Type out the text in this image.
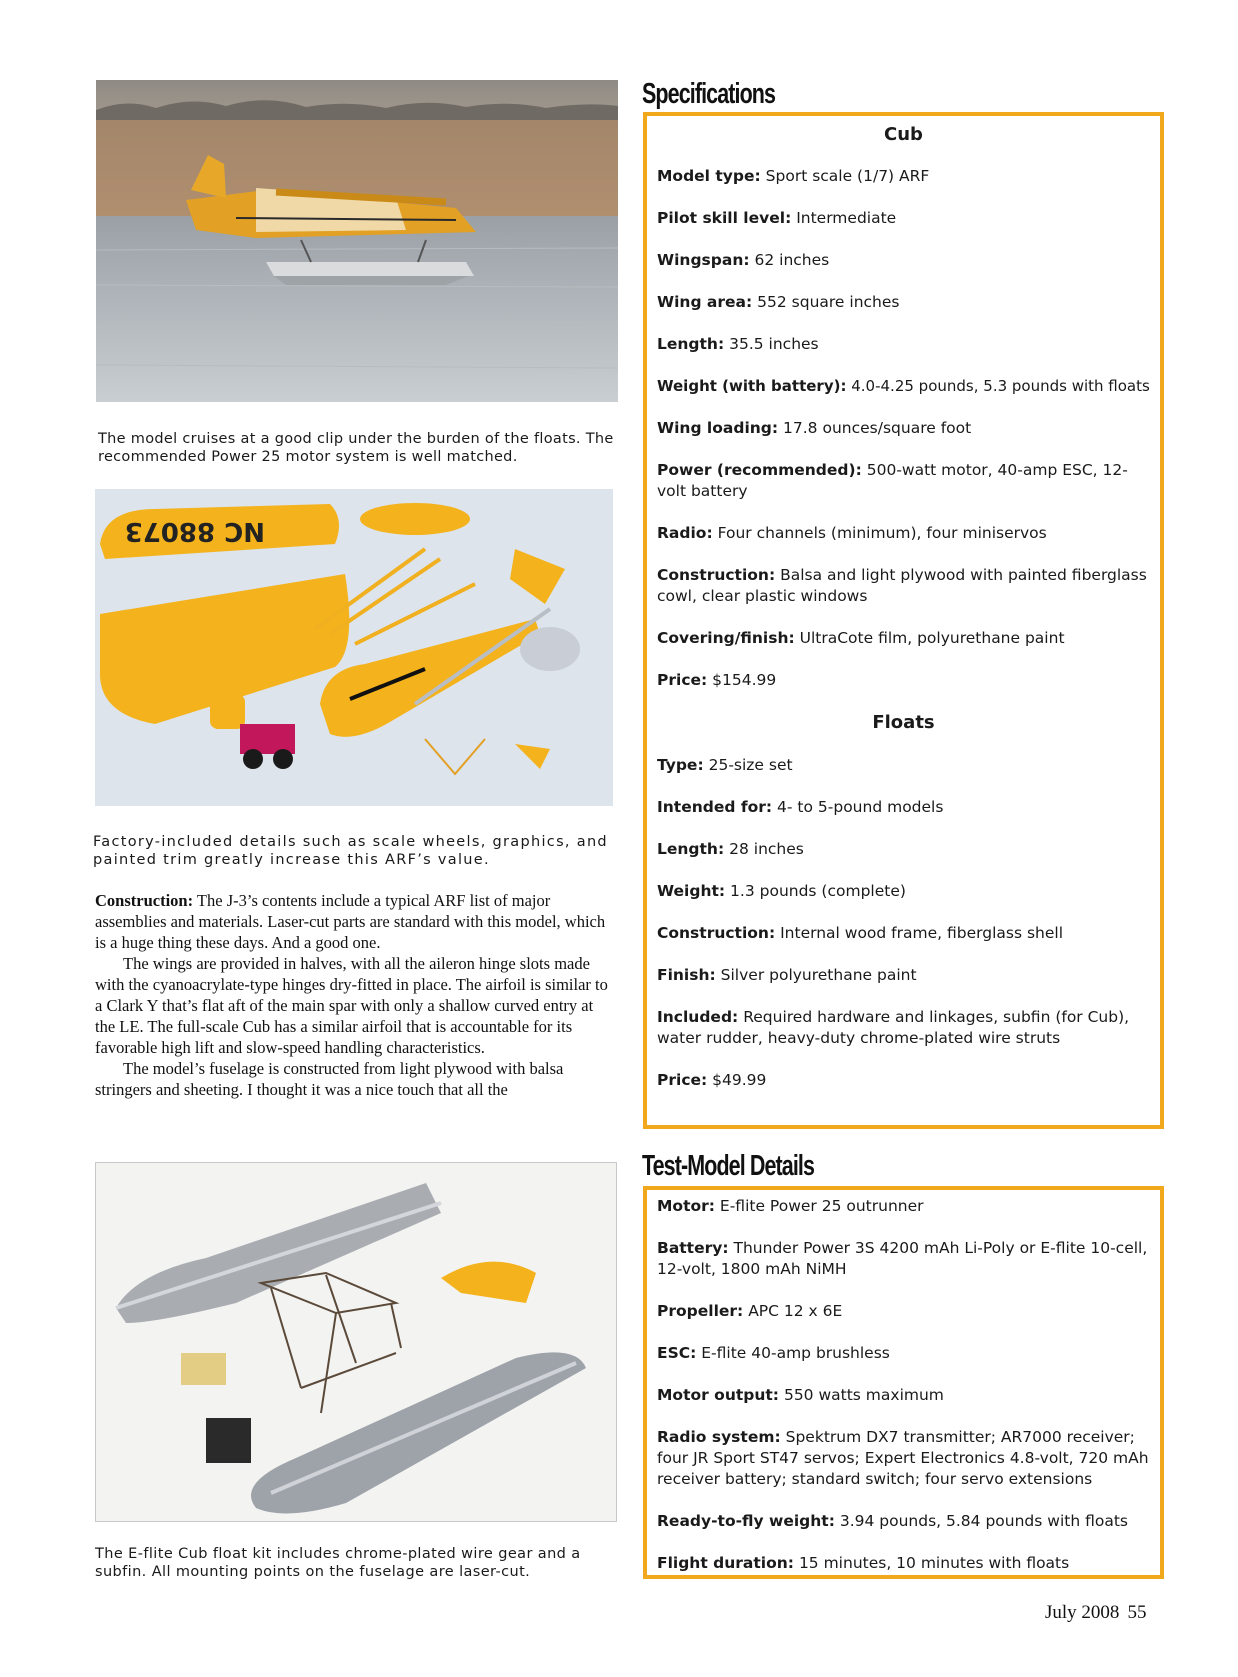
The model cruises at a good clip under the burden of the floats. The recommended Power 25 motor system is well matched.
NC 88073
Factory-included details such as scale wheels, graphics, and painted trim greatly increase this ARF’s value.

Construction: The J-3’s contents include a typical ARF list of major assemblies and materials. Laser-cut parts are standard with this model, which is a huge thing these days. And a good one.

The wings are provided in halves, with all the aileron hinge slots made with the cyanoacrylate-type hinges dry-fitted in place. The airfoil is similar to a Clark Y that’s flat aft of the main spar with only a shallow curved entry at the LE. The full-scale Cub has a similar airfoil that is accountable for its favorable high lift and slow-speed handling characteristics.

The model’s fuselage is constructed from light plywood with balsa stringers and sheeting. I thought it was a nice touch that all the

The E-flite Cub float kit includes chrome-plated wire gear and a subfin. All mounting points on the fuselage are laser-cut.
Specifications
Cub
Model type: Sport scale (1/7) ARF
Pilot skill level: Intermediate
Wingspan: 62 inches
Wing area: 552 square inches
Length: 35.5 inches
Weight (with battery): 4.0-4.25 pounds, 5.3 pounds with floats
Wing loading: 17.8 ounces/square foot
Power (recommended): 500-watt motor, 40-amp ESC, 12-volt battery
Radio: Four channels (minimum), four miniservos
Construction: Balsa and light plywood with painted fiberglass cowl, clear plastic windows
Covering/finish: UltraCote film, polyurethane paint
Price: $154.99
Floats
Type: 25-size set
Intended for: 4- to 5-pound models
Length: 28 inches
Weight: 1.3 pounds (complete)
Construction: Internal wood frame, fiberglass shell
Finish: Silver polyurethane paint
Included: Required hardware and linkages, subfin (for Cub), water rudder, heavy-duty chrome-plated wire struts
Price: $49.99
Test-Model Details
Motor: E-flite Power 25 outrunner
Battery: Thunder Power 3S 4200 mAh Li-Poly or E-flite 10-cell, 12-volt, 1800 mAh NiMH
Propeller: APC 12 x 6E
ESC: E-flite 40-amp brushless
Motor output: 550 watts maximum
Radio system: Spektrum DX7 transmitter; AR7000 receiver; four JR Sport ST47 servos; Expert Electronics 4.8-volt, 720 mAh receiver battery; standard switch; four servo extensions
Ready-to-fly weight: 3.94 pounds, 5.84 pounds with floats
Flight duration: 15 minutes, 10 minutes with floats
July 2008 55
